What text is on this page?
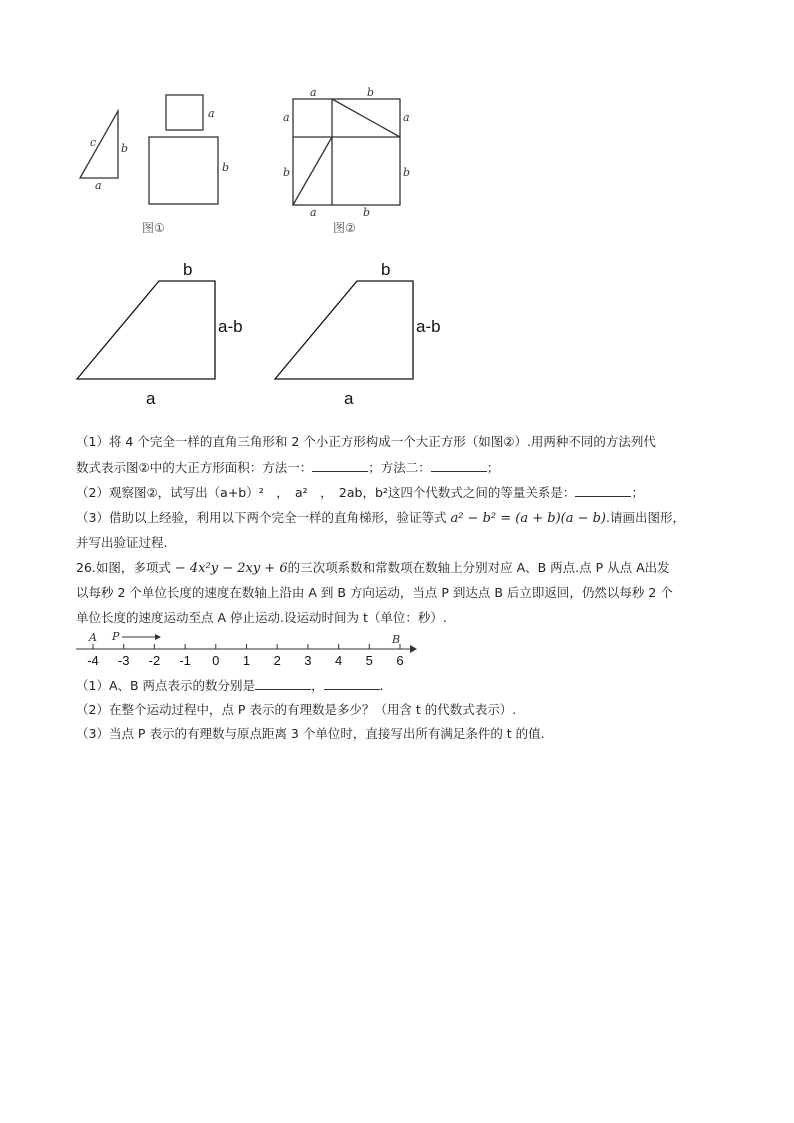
c b
a
a
b
图①
a	b
a	a
b	b
a	b
图②
b
a-b
a
b
a-b
a
（1）将 4 个完全一样的直角三角形和 2 个小正方形构成一个大正方形（如图②）.用两种不同的方法列代
数式表示图②中的大正方形面积：方法一：	；方法二：	；
（2）观察图②，试写出（a+b）²　，　a²　，　2ab，b²这四个代数式之间的等量关系是：	；
（3）借助以上经验，利用以下两个完全一样的直角梯形，验证等式 a² − b² = (a + b)(a − b).请画出图形，
并写出验证过程.
26.如图，多项式 − 4x²y − 2xy + 6的三次项系数和常数项在数轴上分别对应 A、B 两点.点 P 从点 A出发
以每秒 2 个单位长度的速度在数轴上沿由 A 到 B 方向运动，当点 P 到达点 B 后立即返回，仍然以每秒 2 个
单位长度的速度运动至点 A 停止运动.设运动时间为 t（单位：秒）.
A P	B
-4 -3 -2 -1 0 1 2 3 4 5 6
（1）A、B 两点表示的数分别是	，	.
（2）在整个运动过程中，点 P 表示的有理数是多少？（用含 t 的代数式表示）.
（3）当点 P 表示的有理数与原点距离 3 个单位时，直接写出所有满足条件的 t 的值.
